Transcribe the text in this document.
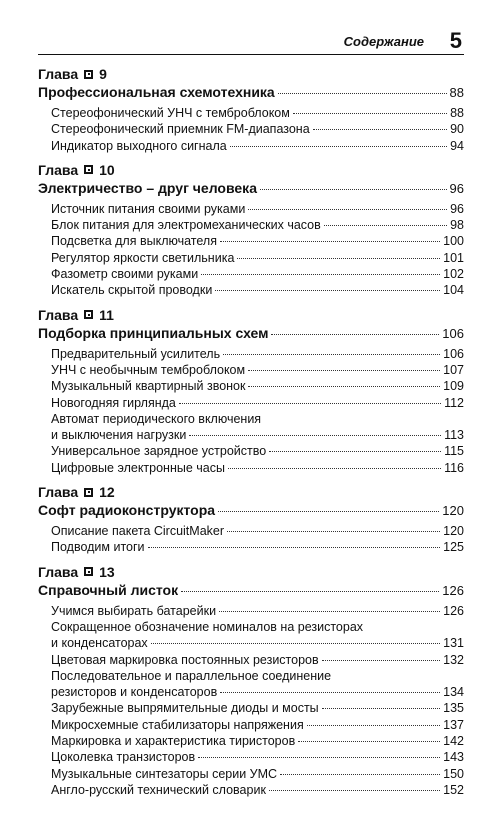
Содержание 5
Глава 9
Профессиональная схемотехника	88
Стереофонический УНЧ с темброблоком	88
Стереофонический приемник FM-диапазона	90
Индикатор выходного сигнала	94
Глава 10
Электричество – друг человека	96
Источник питания своими руками	96
Блок питания для электромеханических часов	98
Подсветка для выключателя	100
Регулятор яркости светильника	101
Фазометр своими руками	102
Искатель скрытой проводки	104
Глава 11
Подборка принципиальных схем	106
Предварительный усилитель	106
УНЧ с необычным темброблоком	107
Музыкальный квартирный звонок	109
Новогодняя гирлянда	112
Автомат периодического включения
и выключения нагрузки	113
Универсальное зарядное устройство	115
Цифровые электронные часы	116
Глава 12
Софт радиоконструктора	120
Описание пакета CircuitMaker	120
Подводим итоги	125
Глава 13
Справочный листок	126
Учимся выбирать батарейки	126
Сокращенное обозначение номиналов на резисторах
и конденсаторах	131
Цветовая маркировка постоянных резисторов	132
Последовательное и параллельное соединение
резисторов и конденсаторов	134
Зарубежные выпрямительные диоды и мосты	135
Микросхемные стабилизаторы напряжения	137
Маркировка и характеристика тиристоров	142
Цоколевка транзисторов	143
Музыкальные синтезаторы серии УМС	150
Англо-русский технический словарик	152
